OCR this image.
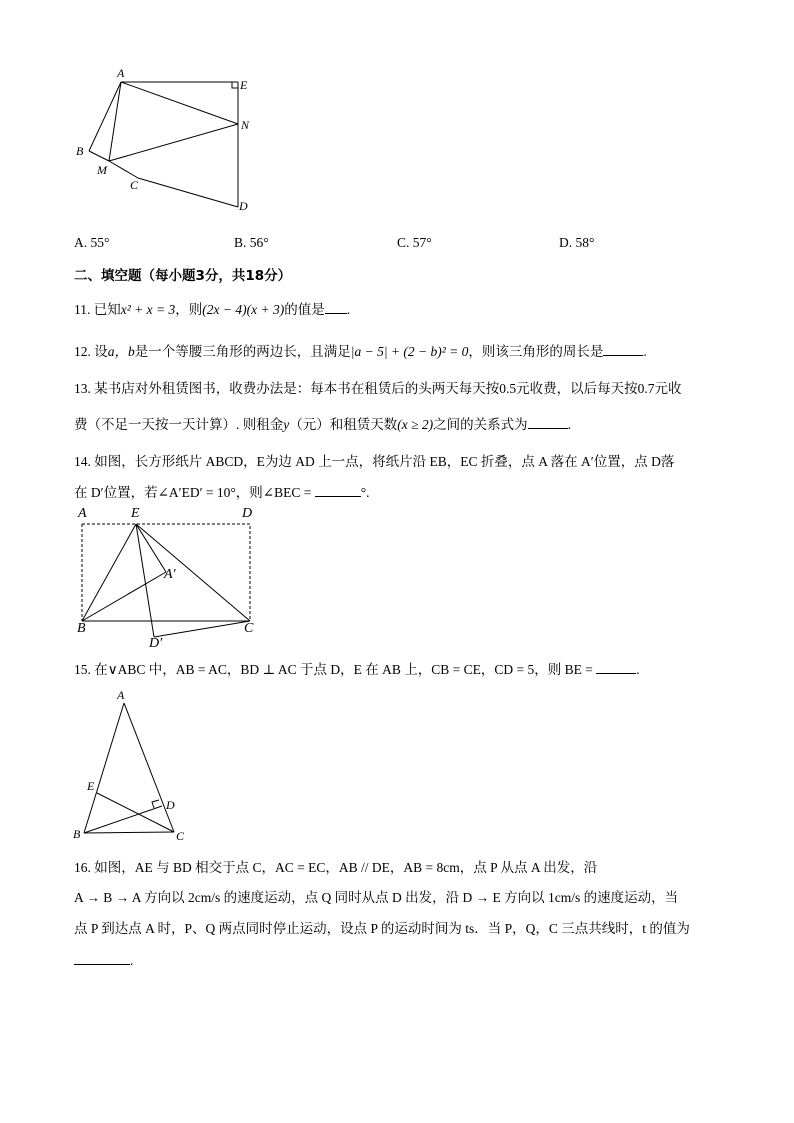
A
E
N
B
M
C
D
A. 55°	B. 56°	C. 57°	D. 58°
二、填空题（每小题3分，共18分）
11. 已知x² + x = 3，则(2x − 4)(x + 3)的值是 .
12. 设a，b是一个等腰三角形的两边长，且满足|a − 5| + (2 − b)² = 0，则该三角形的周长是	.
13. 某书店对外租赁图书，收费办法是：每本书在租赁后的头两天每天按0.5元收费，以后每天按0.7元收
费（不足一天按一天计算）. 则租金y（元）和租赁天数(x ≥ 2)之间的关系式为	.
14. 如图，长方形纸片 ABCD，E为边 AD 上一点，将纸片沿 EB，EC 折叠，点 A 落在 A′位置，点 D落
在 D′位置，若∠A′ED′ = 10°，则∠BEC =	°.
A	E	D
A′
B
D′
C
15. 在∨ABC 中，AB = AC，BD ⊥ AC 于点 D，E 在 AB 上，CB = CE，CD = 5，则 BE =	.
A
E
D
B	C
16. 如图，AE 与 BD 相交于点 C，AC = EC，AB // DE，AB = 8cm，点 P 从点 A 出发，沿
A → B → A 方向以 2cm/s 的速度运动，点 Q 同时从点 D 出发，沿 D → E 方向以 1cm/s 的速度运动，当
点 P 到达点 A 时，P、Q 两点同时停止运动，设点 P 的运动时间为 ts．当 P，Q，C 三点共线时，t 的值为
.
